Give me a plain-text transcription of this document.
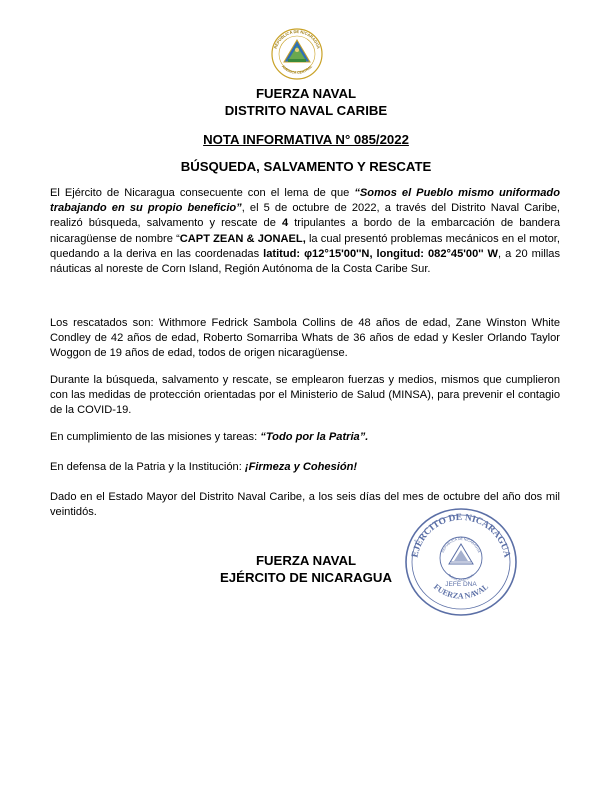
REPUBLICA DE NICARAGUA
AMERICA CENTRAL
FUERZA NAVAL
DISTRITO NAVAL CARIBE
NOTA INFORMATIVA N° 085/2022
BÚSQUEDA, SALVAMENTO Y RESCATE
El Ejército de Nicaragua consecuente con el lema de que “Somos el Pueblo mismo uniformado trabajando en su propio beneficio”, el 5 de octubre de 2022, a través del Distrito Naval Caribe, realizó búsqueda, salvamento y rescate de 4 tripulantes a bordo de la embarcación de bandera nicaragüense de nombre “CAPT ZEAN & JONAEL, la cual presentó problemas mecánicos en el motor, quedando a la deriva en las coordenadas latitud: φ12°15'00''N, longitud: 082°45'00'' W, a 20 millas náuticas al noreste de Corn Island, Región Autónoma de la Costa Caribe Sur.
Los rescatados son: Withmore Fedrick Sambola Collins de 48 años de edad, Zane Winston White Condley de 42 años de edad, Roberto Somarriba Whats de 36 años de edad y Kesler Orlando Taylor Woggon de 19 años de edad, todos de origen nicaragüense.
Durante la búsqueda, salvamento y rescate, se emplearon fuerzas y medios, mismos que cumplieron con las medidas de protección orientadas por el Ministerio de Salud (MINSA), para prevenir el contagio de la COVID-19.
En cumplimiento de las misiones y tareas: “Todo por la Patria”.
En defensa de la Patria y la Institución: ¡Firmeza y Cohesión!
Dado en el Estado Mayor del Distrito Naval Caribe, a los seis días del mes de octubre del año dos mil veintidós.
FUERZA NAVAL
EJÉRCITO DE NICARAGUA
EJÉRCITO DE NICARAGUA
FUERZA NAVAL
REPUBLICA DE NICARAGUA
AMERICA CENTRAL
JEFE DNA
